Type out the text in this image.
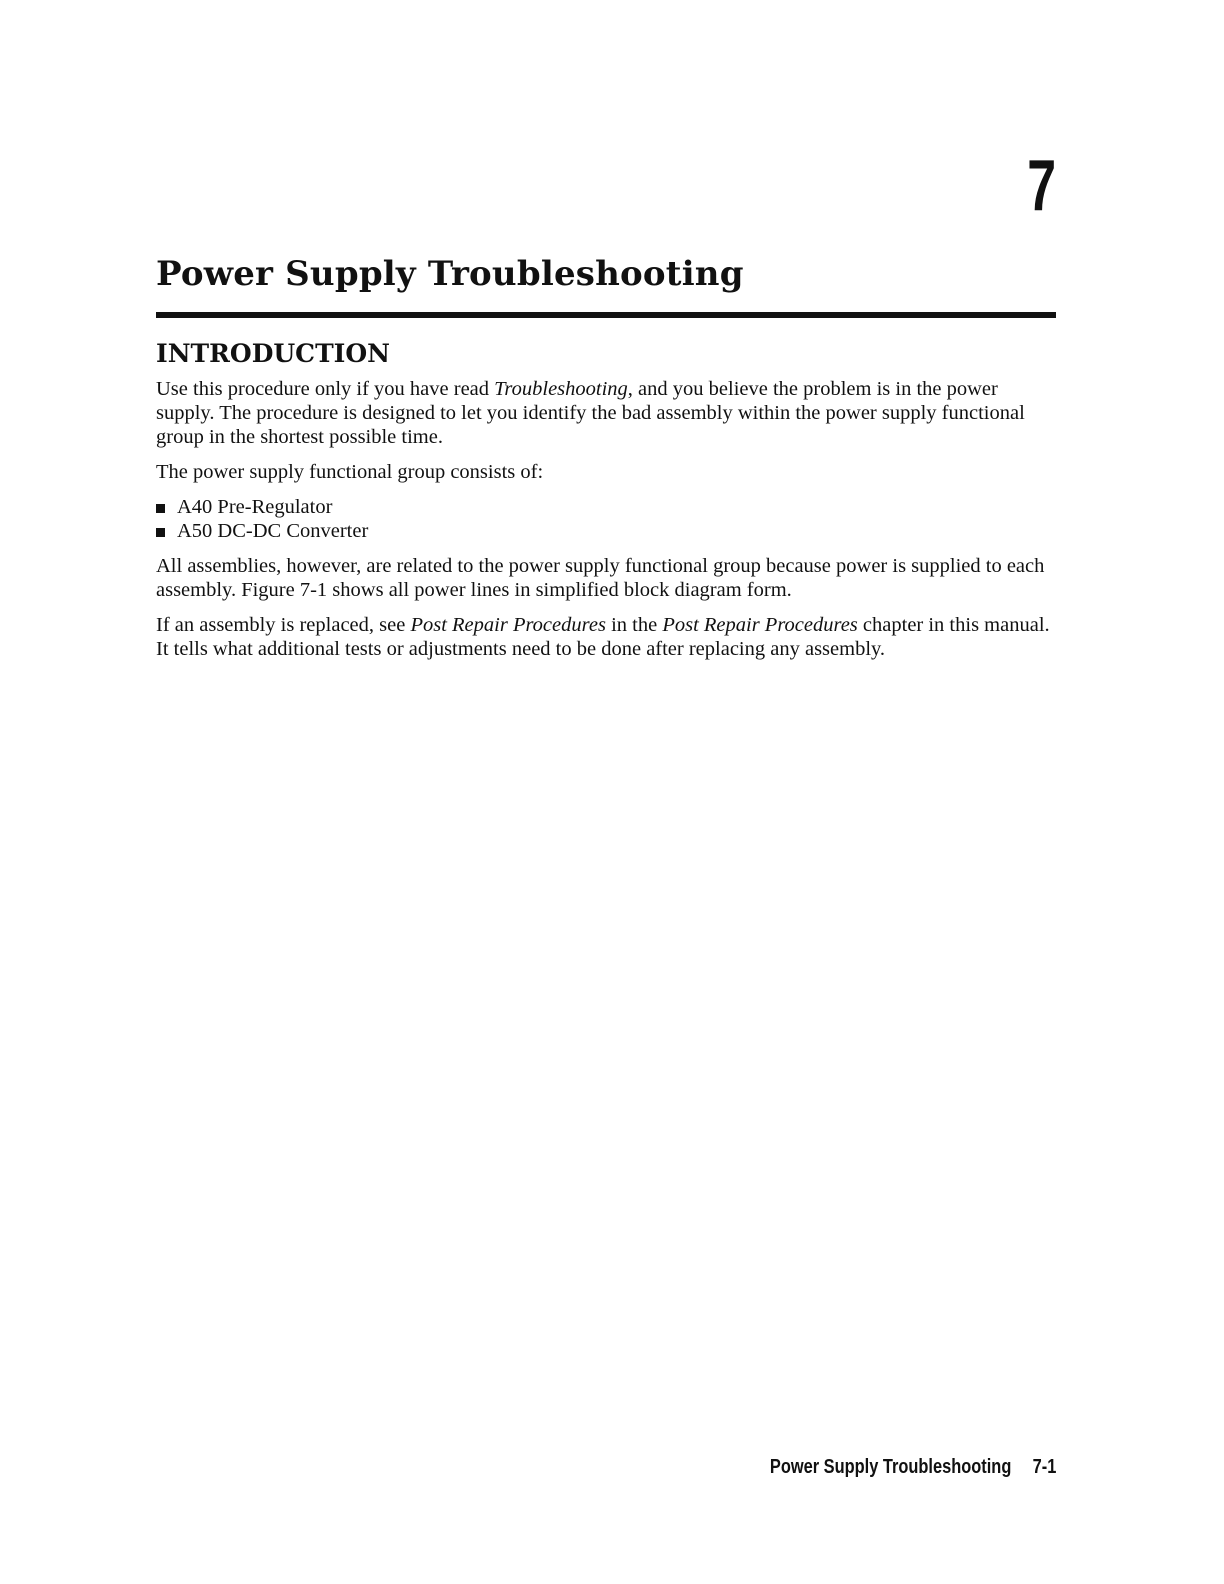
7
Power Supply Troubleshooting
INTRODUCTION

Use this procedure only if you have read Troubleshooting, and you believe the problem is in the power supply. The procedure is designed to let you identify the bad assembly within the power supply functional group in the shortest possible time.

The power supply functional group consists of:

A40 Pre-Regulator
A50 DC-DC Converter

All assemblies, however, are related to the power supply functional group because power is supplied to each assembly. Figure 7-1 shows all power lines in simplified block diagram form.

If an assembly is replaced, see Post Repair Procedures in the Post Repair Procedures chapter in this manual. It tells what additional tests or adjustments need to be done after replacing any assembly.

Power Supply Troubleshooting 7-1
